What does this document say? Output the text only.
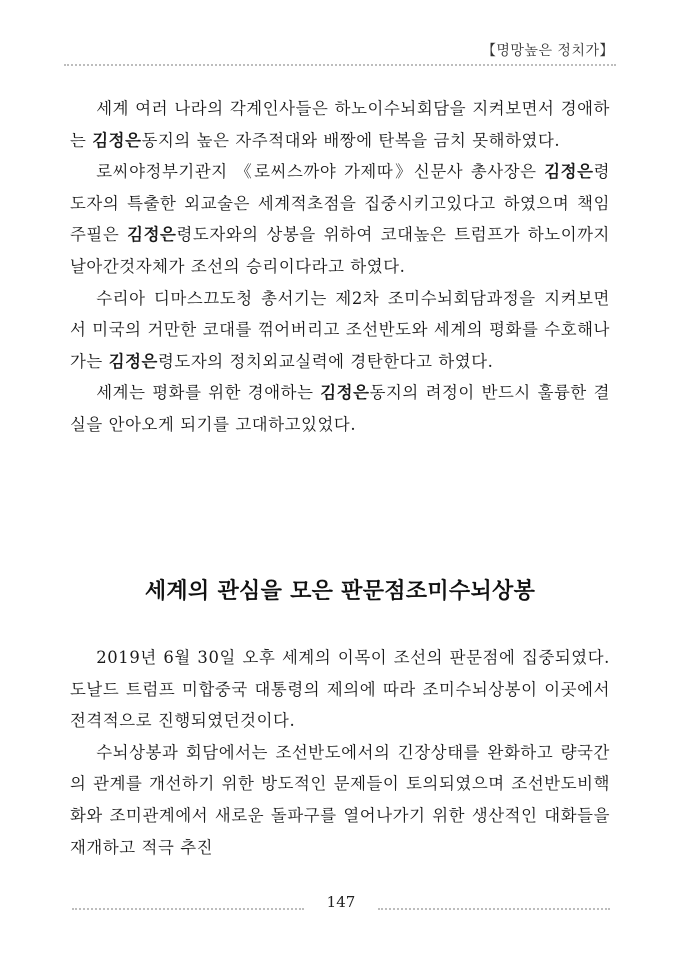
【명망높은 정치가】

세계 여러 나라의 각계인사들은 하노이수뇌회담을 지켜보면서 경애하는 김정은동지의 높은 자주적대와 배짱에 탄복을 금치 못해하였다.

로씨야정부기관지 《로씨스까야 가제따》신문사 총사장은 김정은령도자의 특출한 외교술은 세계적초점을 집중시키고있다고 하였으며 책임주필은 김정은령도자와의 상봉을 위하여 코대높은 트럼프가 하노이까지 날아간것자체가 조선의 승리이다라고 하였다.

수리아 디마스끄도청 총서기는 제2차 조미수뇌회담과정을 지켜보면서 미국의 거만한 코대를 꺾어버리고 조선반도와 세계의 평화를 수호해나가는 김정은령도자의 정치외교실력에 경탄한다고 하였다.

세계는 평화를 위한 경애하는 김정은동지의 려정이 반드시 훌륭한 결실을 안아오게 되기를 고대하고있었다.

세계의 관심을 모은 판문점조미수뇌상봉

2019년 6월 30일 오후 세계의 이목이 조선의 판문점에 집중되였다. 도날드 트럼프 미합중국 대통령의 제의에 따라 조미수뇌상봉이 이곳에서 전격적으로 진행되였던것이다.

수뇌상봉과 회담에서는 조선반도에서의 긴장상태를 완화하고 량국간의 관계를 개선하기 위한 방도적인 문제들이 토의되였으며 조선반도비핵화와 조미관계에서 새로운 돌파구를 열어나가기 위한 생산적인 대화들을 재개하고 적극 추진

147
